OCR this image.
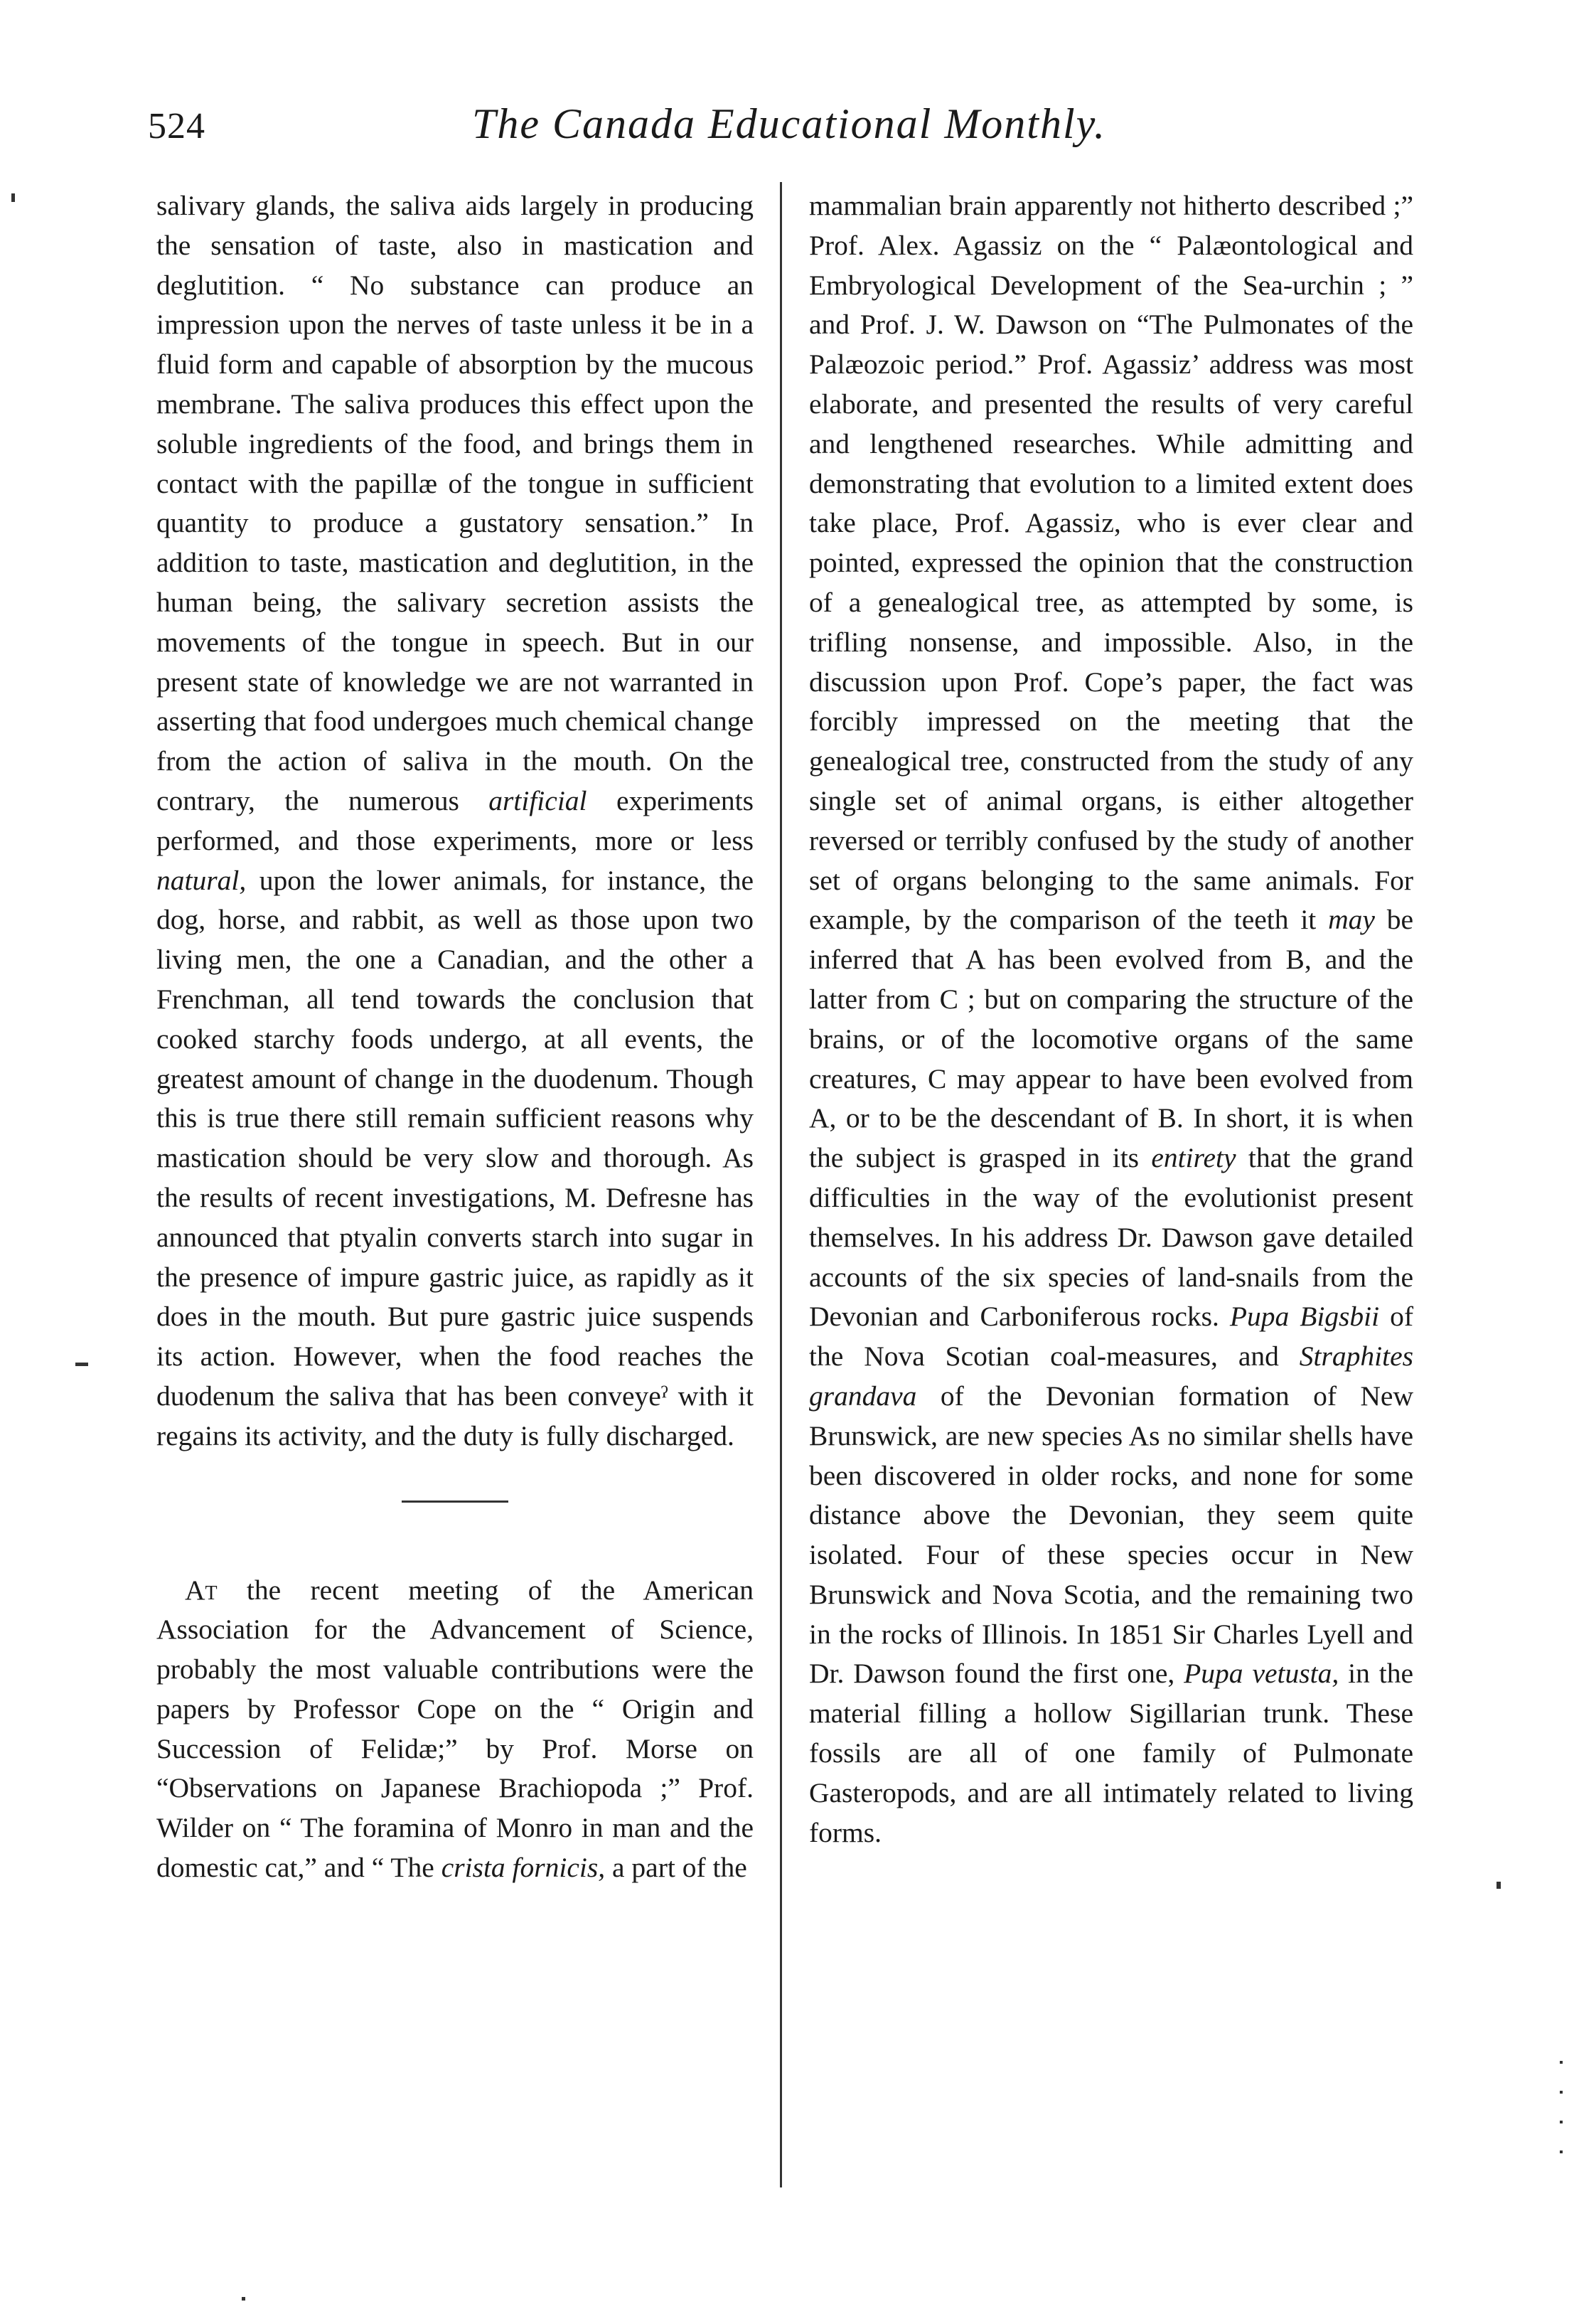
524	The Canada Educational Monthly.

salivary glands, the saliva aids largely in producing the sensation of taste, also in mastication and deglutition. “ No substance can produce an impression upon the nerves of taste unless it be in a fluid form and capable of absorption by the mucous membrane. The saliva produces this effect upon the soluble ingredients of the food, and brings them in contact with the papillæ of the tongue in sufficient quantity to produce a gustatory sensation.” In addition to taste, mastication and deglutition, in the human being, the salivary secretion assists the movements of the tongue in speech. But in our present state of knowledge we are not warranted in asserting that food undergoes much chemical change from the action of saliva in the mouth. On the contrary, the numerous artificial experiments performed, and those experiments, more or less natural, upon the lower animals, for instance, the dog, horse, and rabbit, as well as those upon two living men, the one a Canadian, and the other a Frenchman, all tend towards the conclusion that cooked starchy foods undergo, at all events, the greatest amount of change in the duodenum. Though this is true there still remain sufficient reasons why mastication should be very slow and thorough. As the results of recent investigations, M. Defresne has announced that ptyalin converts starch into sugar in the presence of impure gastric juice, as rapidly as it does in the mouth. But pure gastric juice suspends its action. However, when the food reaches the duodenum the saliva that has been conveyeˀ with it regains its activity, and the duty is fully discharged.

At the recent meeting of the American Association for the Advancement of Science, probably the most valuable contributions were the papers by Professor Cope on the “ Origin and Succession of Felidæ;” by Prof. Morse on “Observations on Japanese Brachiopoda ;” Prof. Wilder on “ The foramina of Monro in man and the domestic cat,” and “ The crista fornicis, a part of the

mammalian brain apparently not hitherto described ;” Prof. Alex. Agassiz on the “ Palæontological and Embryological Development of the Sea-urchin ; ” and Prof. J. W. Dawson on “The Pulmonates of the Palæozoic period.” Prof. Agassiz’ address was most elaborate, and presented the results of very careful and lengthened researches. While admitting and demonstrating that evolution to a limited extent does take place, Prof. Agassiz, who is ever clear and pointed, expressed the opinion that the construction of a genealogical tree, as attempted by some, is trifling nonsense, and impossible. Also, in the discussion upon Prof. Cope’s paper, the fact was forcibly impressed on the meeting that the genealogical tree, constructed from the study of any single set of animal organs, is either altogether reversed or terribly confused by the study of another set of organs belonging to the same animals. For example, by the comparison of the teeth it may be inferred that A has been evolved from B, and the latter from C ; but on comparing the structure of the brains, or of the locomotive organs of the same creatures, C may appear to have been evolved from A, or to be the descendant of B. In short, it is when the subject is grasped in its entirety that the grand difficulties in the way of the evolutionist present themselves. In his address Dr. Dawson gave detailed accounts of the six species of land-snails from the Devonian and Carboniferous rocks. Pupa Bigsbii of the Nova Scotian coal-measures, and Straphites grandava of the Devonian formation of New Brunswick, are new species As no similar shells have been discovered in older rocks, and none for some distance above the Devonian, they seem quite isolated. Four of these species occur in New Brunswick and Nova Scotia, and the remaining two in the rocks of Illinois. In 1851 Sir Charles Lyell and Dr. Dawson found the first one, Pupa vetusta, in the material filling a hollow Sigillarian trunk. These fossils are all of one family of Pulmonate Gasteropods, and are all intimately related to living forms.
